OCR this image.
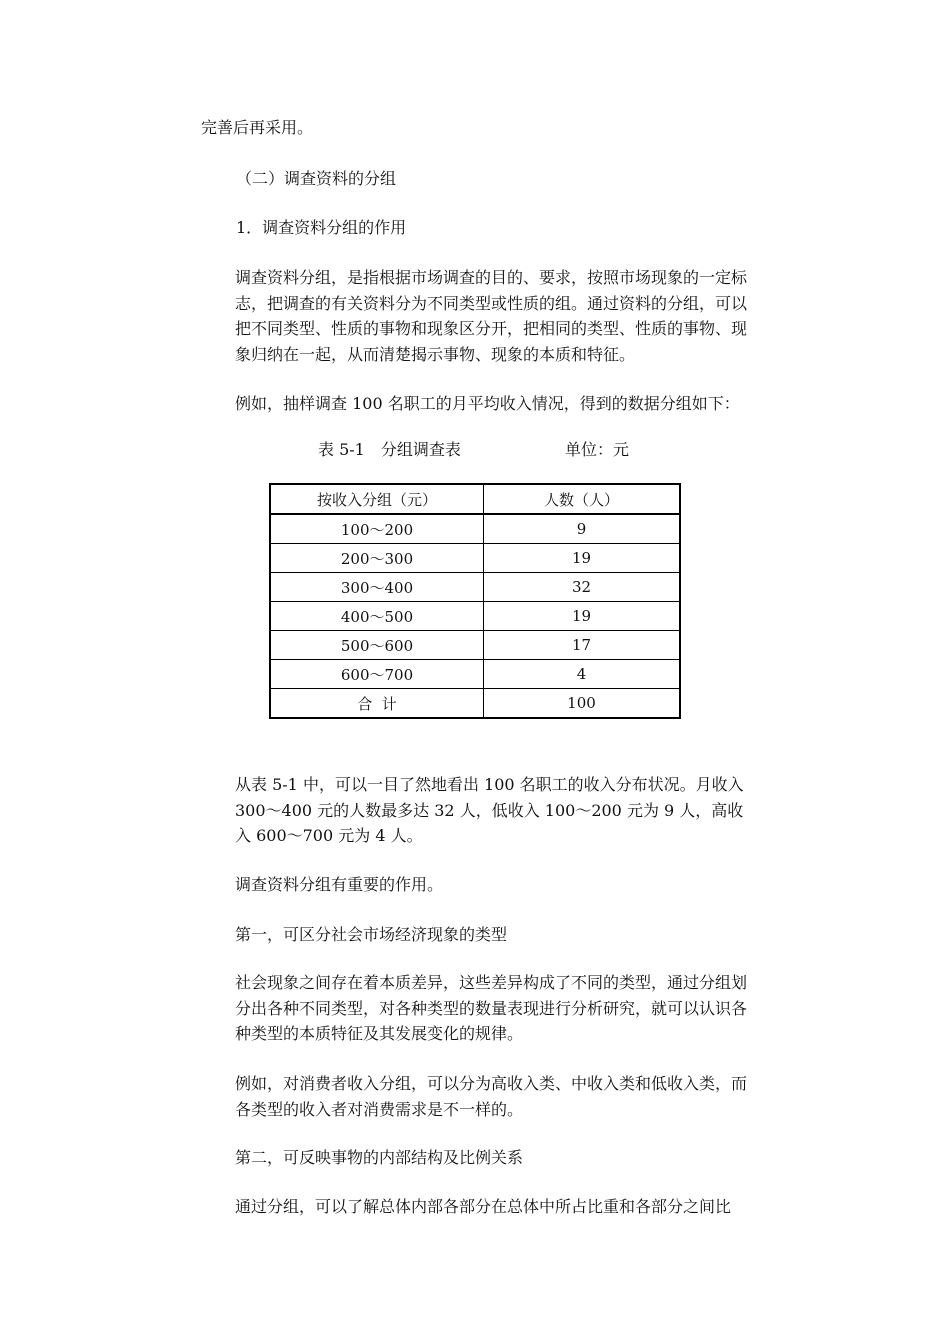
完善后再采用。
（二）调查资料的分组
1．调查资料分组的作用

调查资料分组，是指根据市场调查的目的、要求，按照市场现象的一定标志，把调查的有关资料分为不同类型或性质的组。通过资料的分组，可以把不同类型、性质的事物和现象区分开，把相同的类型、性质的事物、现象归纳在一起，从而清楚揭示事物、现象的本质和特征。

例如，抽样调查 100 名职工的月平均收入情况，得到的数据分组如下：

表 5-1　分组调查表	单位：元
按收入分组（元）	人数（人）
100～200	9
200～300	19
300～400	32
400～500	19
500～600	17
600～700	4
合  计	100

从表 5-1 中，可以一目了然地看出 100 名职工的收入分布状况。月收入 300～400 元的人数最多达 32 人，低收入 100～200 元为 9 人，高收入 600～700 元为 4 人。

调查资料分组有重要的作用。

第一，可区分社会市场经济现象的类型

社会现象之间存在着本质差异，这些差异构成了不同的类型，通过分组划分出各种不同类型，对各种类型的数量表现进行分析研究，就可以认识各种类型的本质特征及其发展变化的规律。

例如，对消费者收入分组，可以分为高收入类、中收入类和低收入类，而各类型的收入者对消费需求是不一样的。

第二，可反映事物的内部结构及比例关系

通过分组，可以了解总体内部各部分在总体中所占比重和各部分之间比
